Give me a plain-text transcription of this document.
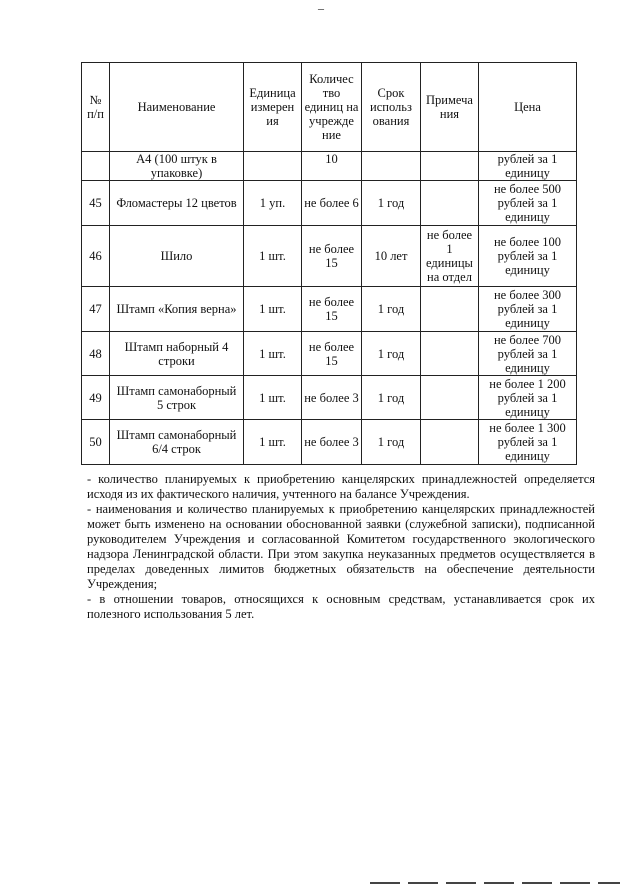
–
№ п/п	Наименование	Единица измерен ия	Количес тво единиц на учрежде ние	Срок использ ования	Примеча ния	Цена
	А4 (100 штук в упаковке)		10			рублей за 1 единицу
45	Фломастеры 12 цветов	1 уп.	не более 6	1 год		не более 500 рублей за 1 единицу
46	Шило	1 шт.	не более 15	10 лет	не более 1 единицы на отдел	не более 100 рублей за 1 единицу
47	Штамп «Копия верна»	1 шт.	не более 15	1 год		не более 300 рублей за 1 единицу
48	Штамп наборный 4 строки	1 шт.	не более 15	1 год		не более 700 рублей за 1 единицу
49	Штамп самонаборный 5 строк	1 шт.	не более 3	1 год		не более 1 200 рублей за 1 единицу
50	Штамп самонаборный 6/4 строк	1 шт.	не более 3	1 год		не более 1 300 рублей за 1 единицу

- количество планируемых к приобретению канцелярских принадлежностей определяется исходя из их фактического наличия, учтенного на балансе Учреждения.

- наименования и количество планируемых к приобретению канцелярских принадлежностей может быть изменено на основании обоснованной заявки (служебной записки), подписанной руководителем Учреждения и согласованной Комитетом государственного экологического надзора Ленинградской области. При этом закупка неуказанных предметов осуществляется в пределах доведенных лимитов бюджетных обязательств на обеспечение деятельности Учреждения;

- в отношении товаров, относящихся к основным средствам, устанавливается срок их полезного использования 5 лет.
